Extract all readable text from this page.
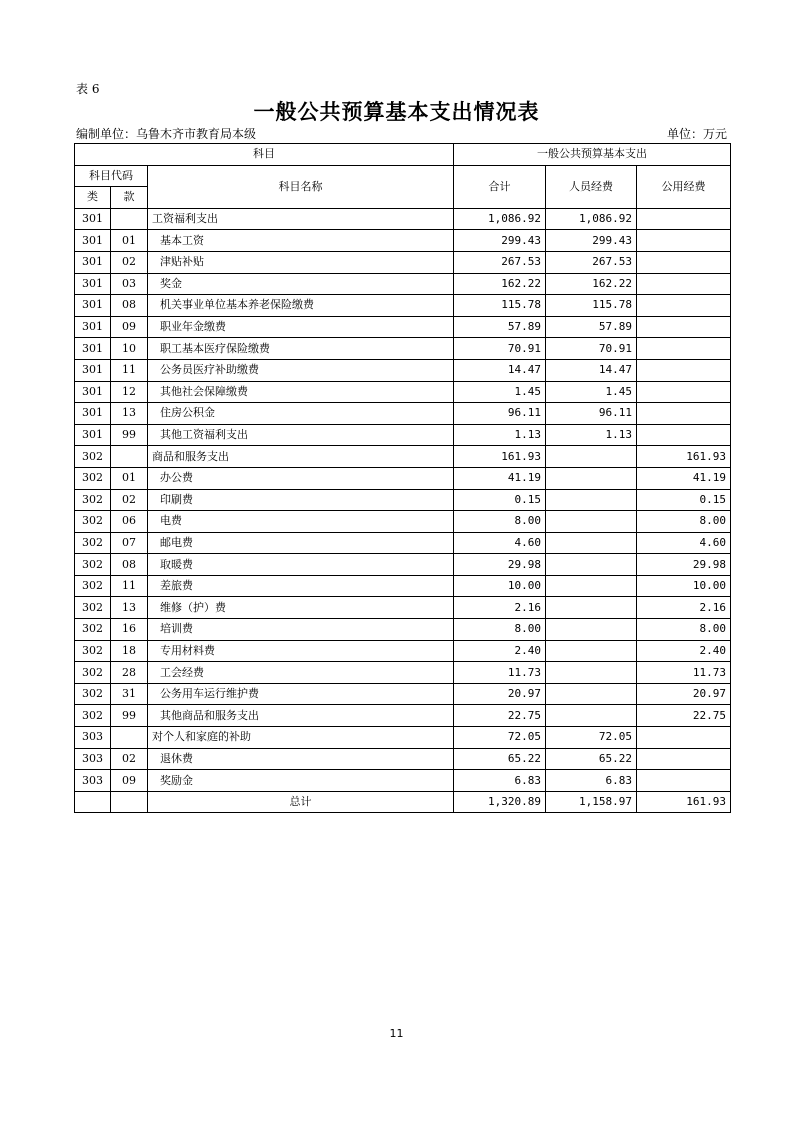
表 6
一般公共预算基本支出情况表
编制单位：乌鲁木齐市教育局本级	单位：万元
科目			一般公共预算基本支出		
科目代码		科目名称	合计	人员经费	公用经费
类	款				
301		工资福利支出	1,086.92	1,086.92	
301	01	基本工资	299.43	299.43	
301	02	津贴补贴	267.53	267.53	
301	03	奖金	162.22	162.22	
301	08	机关事业单位基本养老保险缴费	115.78	115.78	
301	09	职业年金缴费	57.89	57.89	
301	10	职工基本医疗保险缴费	70.91	70.91	
301	11	公务员医疗补助缴费	14.47	14.47	
301	12	其他社会保障缴费	1.45	1.45	
301	13	住房公积金	96.11	96.11	
301	99	其他工资福利支出	1.13	1.13	
302		商品和服务支出	161.93		161.93
302	01	办公费	41.19		41.19
302	02	印刷费	0.15		0.15
302	06	电费	8.00		8.00
302	07	邮电费	4.60		4.60
302	08	取暖费	29.98		29.98
302	11	差旅费	10.00		10.00
302	13	维修（护）费	2.16		2.16
302	16	培训费	8.00		8.00
302	18	专用材料费	2.40		2.40
302	28	工会经费	11.73		11.73
302	31	公务用车运行维护费	20.97		20.97
302	99	其他商品和服务支出	22.75		22.75
303		对个人和家庭的补助	72.05	72.05	
303	02	退休费	65.22	65.22	
303	09	奖励金	6.83	6.83	
		总计	1,320.89	1,158.97	161.93
11
